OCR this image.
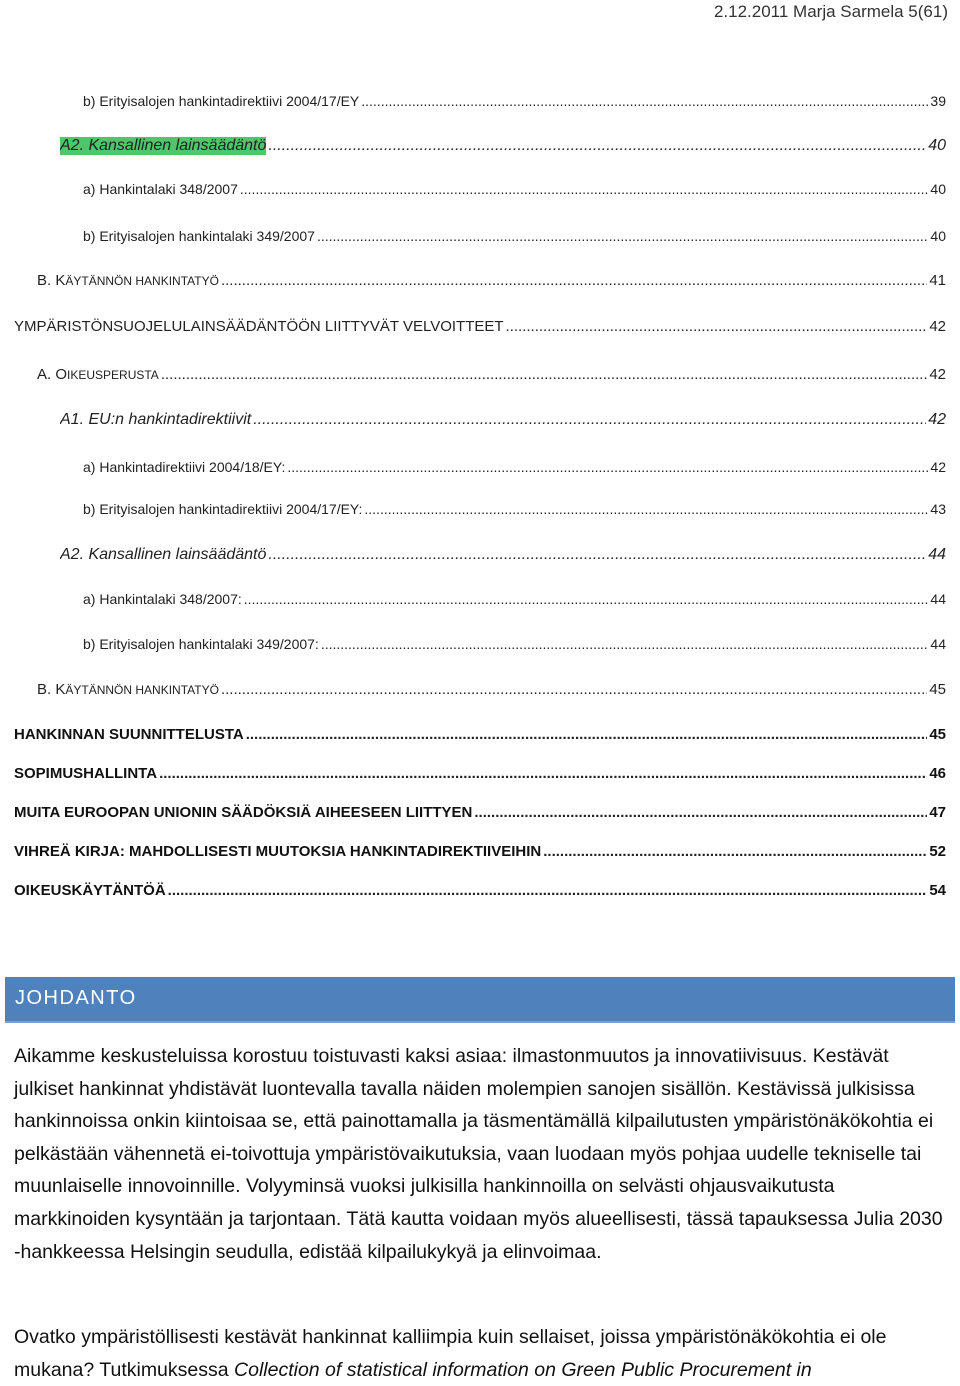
2.12.2011 Marja Sarmela 5(61)
b) Erityisalojen hankintadirektiivi 2004/17/EY .....	39
A2. Kansallinen lainsäädäntö .....	40
a) Hankintalaki 348/2007 .....	40
b) Erityisalojen hankintalaki 349/2007 .....	40
B. KÄYTÄNNÖN HANKINTATYÖ .....	41
YMPÄRISTÖNSUOJELULAINSÄÄDÄNTÖÖN LIITTYVÄT VELVOITTEET .....	42
A. OIKEUSPERUSTA .....	42
A1. EU:n hankintadirektiivit .....	42
a) Hankintadirektiivi 2004/18/EY: .....	42
b) Erityisalojen hankintadirektiivi 2004/17/EY: .....	43
A2. Kansallinen lainsäädäntö .....	44
a) Hankintalaki 348/2007: .....	44
b) Erityisalojen hankintalaki 349/2007: .....	44
B. KÄYTÄNNÖN HANKINTATYÖ .....	45
HANKINNAN SUUNNITTELUSTA .....	45
SOPIMUSHALLINTA .....	46
MUITA EUROOPAN UNIONIN SÄÄDÖKSIÄ AIHEESEEN LIITTYEN .....	47
VIHREÄ KIRJA: MAHDOLLISESTI MUUTOKSIA HANKINTADIREKTIIVEIHIN .....	52
OIKEUSKÄYTÄNTÖÄ .....	54
JOHDANTO
Aikamme keskusteluissa korostuu toistuvasti kaksi asiaa: ilmastonmuutos ja innovatiivisuus. Kestävät julkiset hankinnat yhdistävät luontevalla tavalla näiden molempien sanojen sisällön. Kestävissä julkisissa hankinnoissa onkin kiintoisaa se, että painottamalla ja täsmentämällä kilpailutusten ympäristönäkökohtia ei pelkästään vähennetä ei-toivottuja ympäristövaikutuksia, vaan luodaan myös pohjaa uudelle tekniselle tai muunlaiselle innovoinnille. Volyyminsä vuoksi julkisilla hankinnoilla on selvästi ohjausvaikutusta markkinoiden kysyntään ja tarjontaan. Tätä kautta voidaan myös alueellisesti, tässä tapauksessa Julia 2030 -hankkeessa Helsingin seudulla, edistää kilpailukykyä ja elinvoimaa.
Ovatko ympäristöllisesti kestävät hankinnat kalliimpia kuin sellaiset, joissa ympäristönäkökohtia ei ole mukana? Tutkimuksessa Collection of statistical information on Green Public Procurement in
